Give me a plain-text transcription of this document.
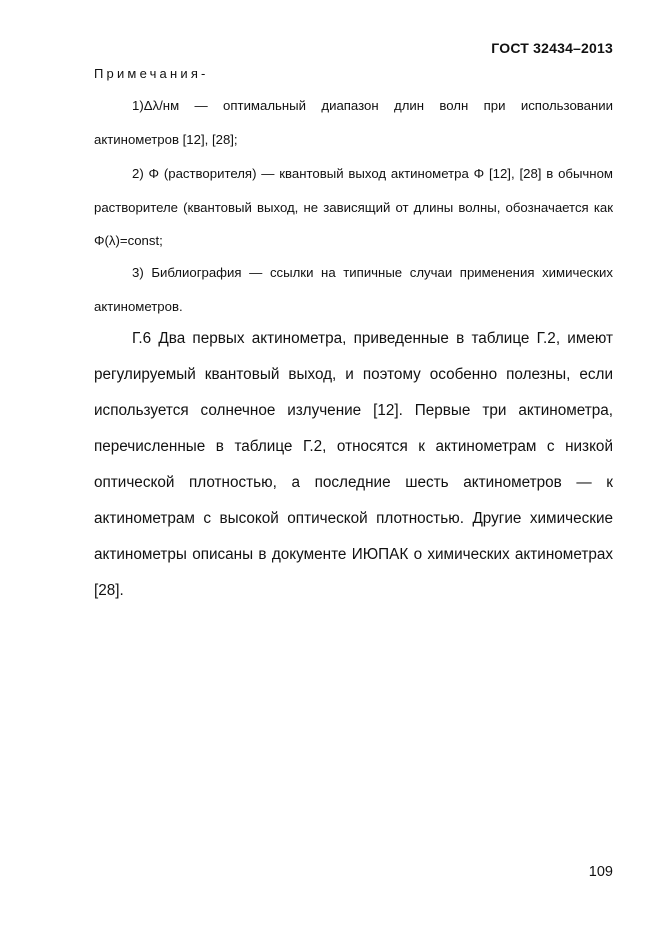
ГОСТ 32434–2013
Примечания-
1)Δλ/нм — оптимальный диапазон длин волн при использовании актинометров [12], [28];
2) Φ (растворителя) — квантовый выход актинометра Φ [12], [28] в обычном растворителе (квантовый выход, не зависящий от длины волны, обозначается как Φ(λ)=const;
3) Библиография — ссылки на типичные случаи применения химических актинометров.
Г.6 Два первых актинометра, приведенные в таблице Г.2, имеют регулируемый квантовый выход, и поэтому особенно полезны, если используется солнечное излучение [12]. Первые три актинометра, перечисленные в таблице Г.2, относятся к актинометрам с низкой оптической плотностью, а последние шесть актинометров — к актинометрам с высокой оптической плотностью. Другие химические актинометры описаны в документе ИЮПАК о химических актинометрах [28].
109
